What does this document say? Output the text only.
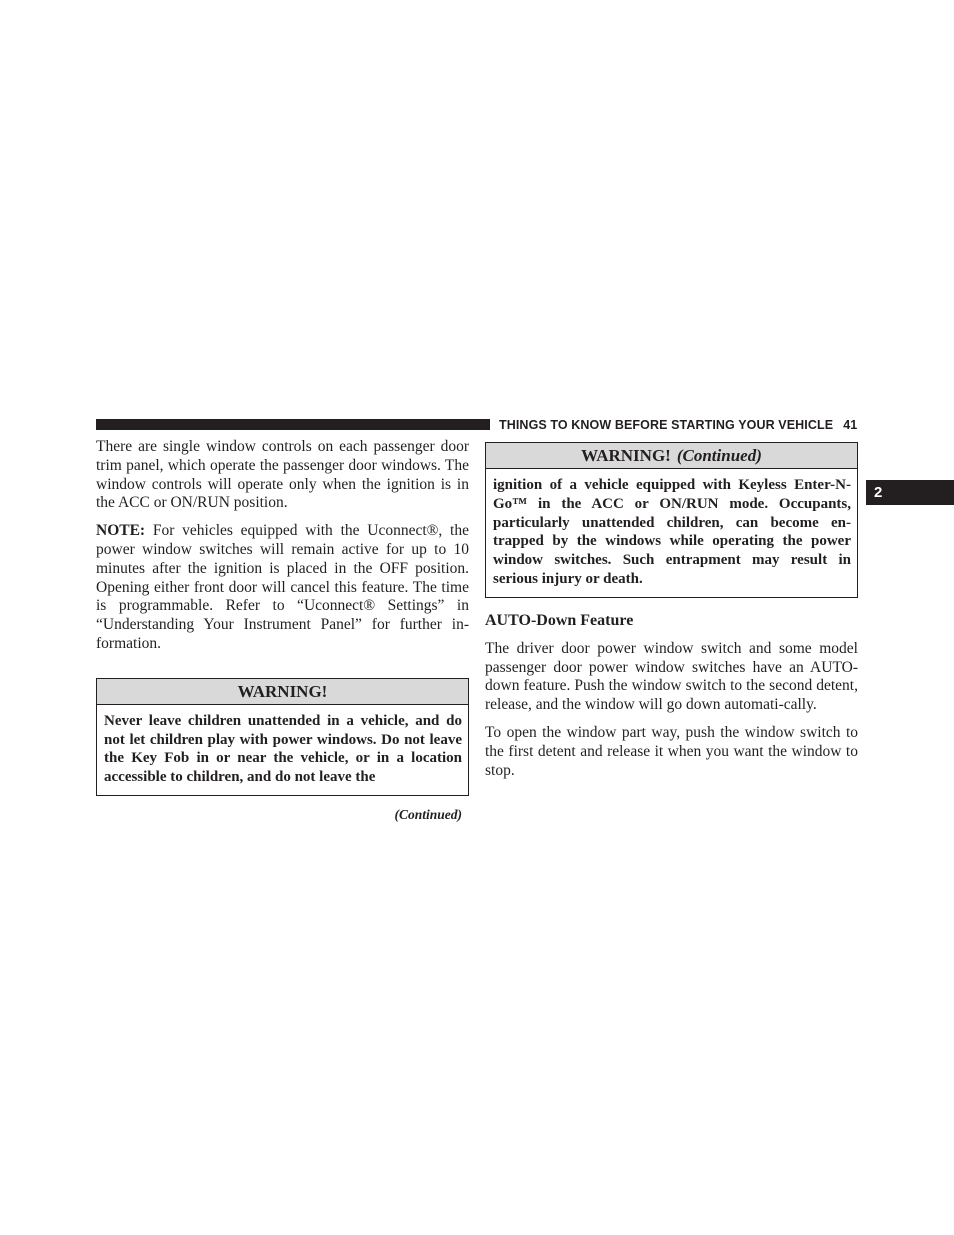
THINGS TO KNOW BEFORE STARTING YOUR VEHICLE 41
2

There are single window controls on each passenger door trim panel, which operate the passenger door windows. The window controls will operate only when the ignition is in the ACC or ON/RUN position.

NOTE: For vehicles equipped with the Uconnect®, the power window switches will remain active for up to 10 minutes after the ignition is placed in the OFF position. Opening either front door will cancel this feature. The time is programmable. Refer to “Uconnect® Settings” in “Understanding Your Instrument Panel” for further in-formation.

WARNING!
Never leave children unattended in a vehicle, and do not let children play with power windows. Do not leave the Key Fob in or near the vehicle, or in a location accessible to children, and do not leave the
(Continued)
WARNING! (Continued)
ignition of a vehicle equipped with Keyless Enter-N-Go™ in the ACC or ON/RUN mode. Occupants, particularly unattended children, can become en-trapped by the windows while operating the power window switches. Such entrapment may result in serious injury or death.
AUTO-Down Feature

The driver door power window switch and some model passenger door power window switches have an AUTO-down feature. Push the window switch to the second detent, release, and the window will go down automati-cally.

To open the window part way, push the window switch to the first detent and release it when you want the window to stop.
